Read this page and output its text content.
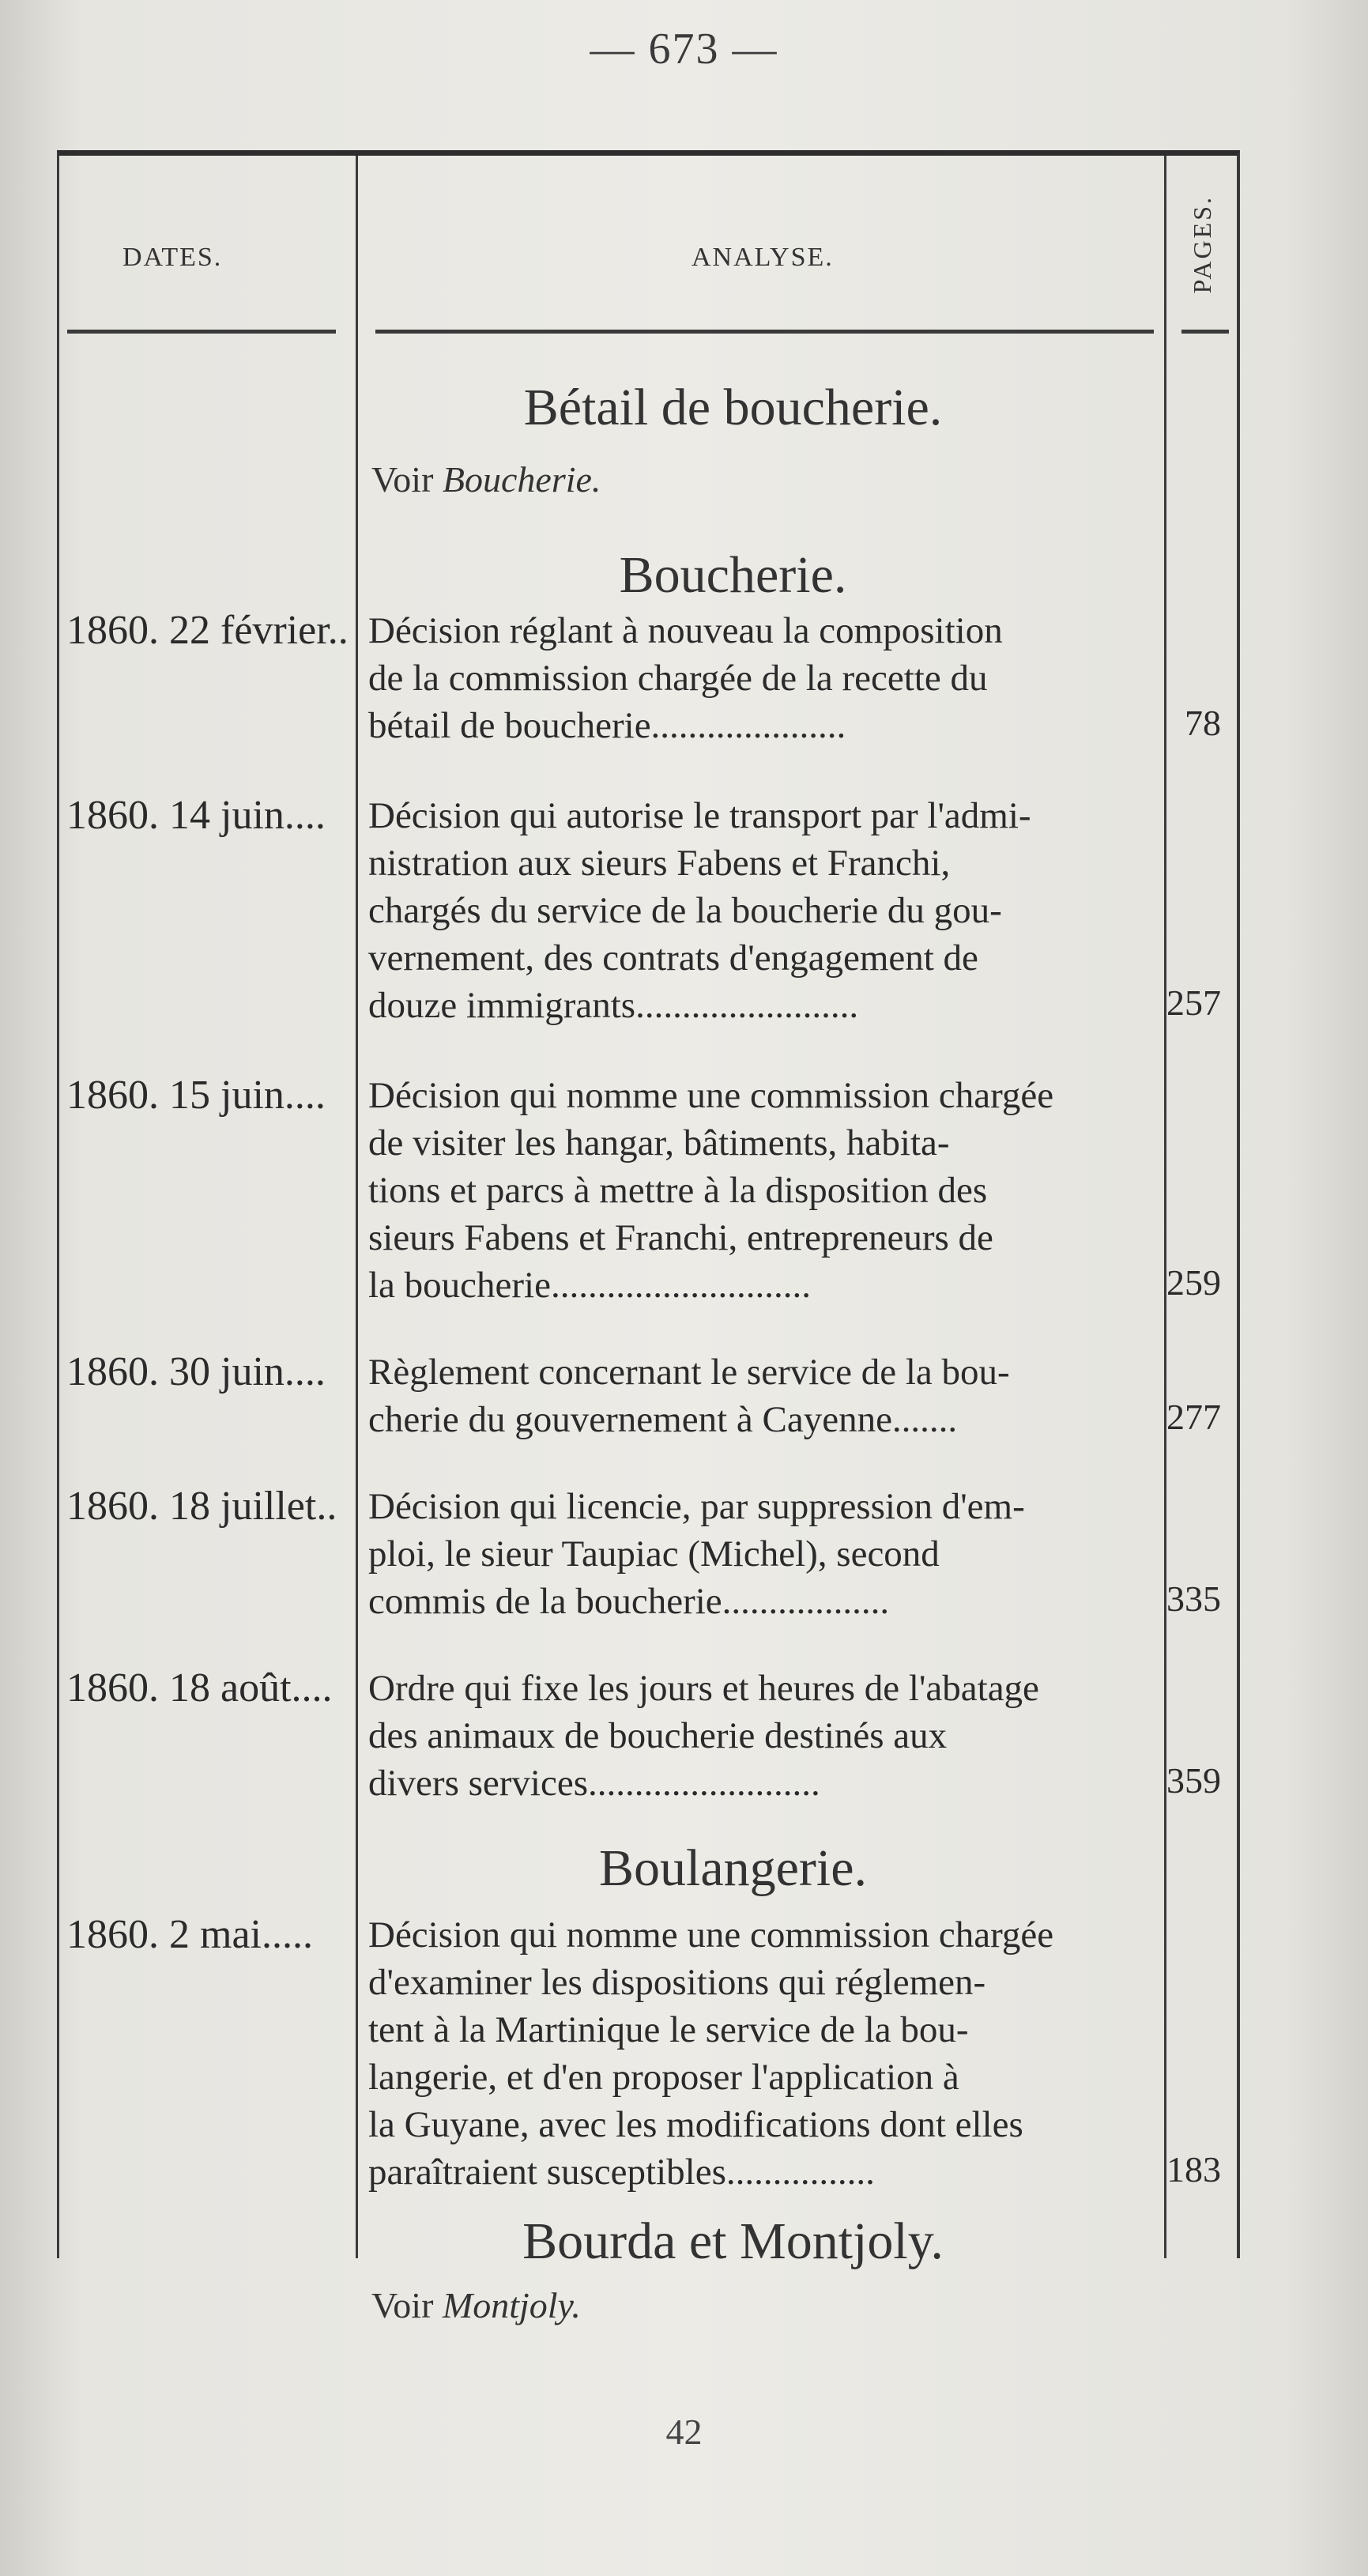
— 673 —
DATES.	ANALYSE.	PAGES.
Bétail de boucherie.
Voir Boucherie.
Boucherie.
1860. 22 février.. Décision réglant à nouveau la composition
de la commission chargée de la recette du
bétail de boucherie.....................	78
1860. 14 juin.... Décision qui autorise le transport par l'admi-
nistration aux sieurs Fabens et Franchi,
chargés du service de la boucherie du gou-
vernement, des contrats d'engagement de
douze immigrants........................	257
1860. 15 juin.... Décision qui nomme une commission chargée
de visiter les hangar, bâtiments, habita-
tions et parcs à mettre à la disposition des
sieurs Fabens et Franchi, entrepreneurs de
la boucherie............................	259
1860. 30 juin.... Règlement concernant le service de la bou-
cherie du gouvernement à Cayenne.......	277
1860. 18 juillet.. Décision qui licencie, par suppression d'em-
ploi, le sieur Taupiac (Michel), second
commis de la boucherie..................	335
1860. 18 août.... Ordre qui fixe les jours et heures de l'abatage
des animaux de boucherie destinés aux
divers services.........................	359
Boulangerie.
1860. 2 mai..... Décision qui nomme une commission chargée
d'examiner les dispositions qui réglemen-
tent à la Martinique le service de la bou-
langerie, et d'en proposer l'application à
la Guyane, avec les modifications dont elles
paraîtraient susceptibles................	183
Bourda et Montjoly.
Voir Montjoly.
42
